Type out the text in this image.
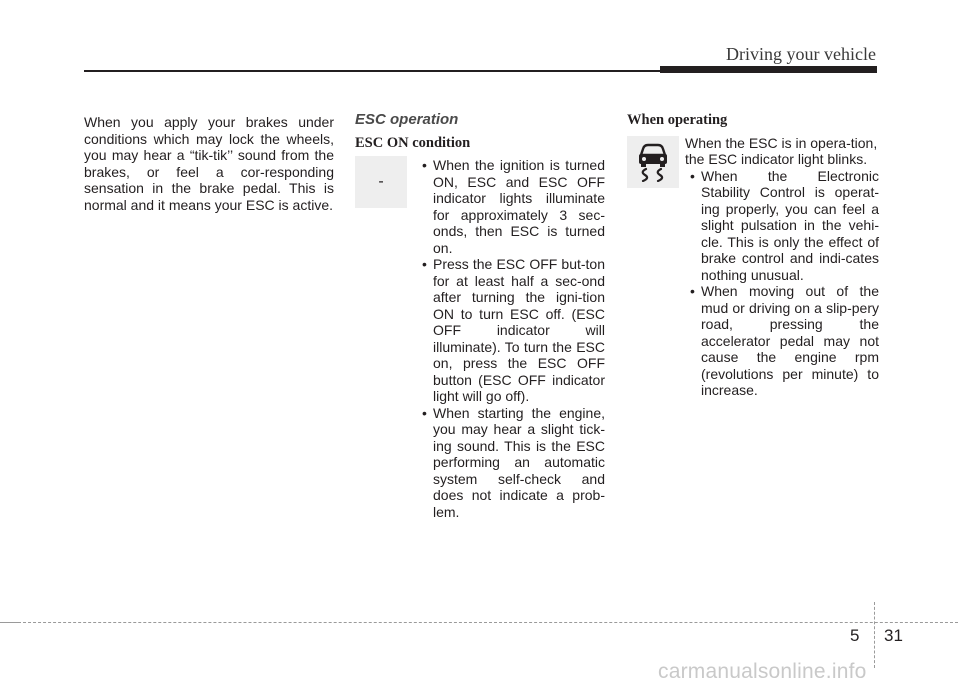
Driving your vehicle

When you apply your brakes under conditions which may lock the wheels, you may hear a “tik-tik’’ sound from the brakes, or feel a cor-responding sensation in the brake pedal. This is normal and it means your ESC is active.

ESC operation
ESC ON condition
-
• When the ignition is turned ON, ESC and ESC OFF indicator lights illuminate for approximately 3 sec-onds, then ESC is turned on.
• Press the ESC OFF but-ton for at least half a sec-ond after turning the igni-tion ON to turn ESC off. (ESC OFF indicator will illuminate). To turn the ESC on, press the ESC OFF button (ESC OFF indicator light will go off).
• When starting the engine, you may hear a slight tick-ing sound. This is the ESC performing an automatic system self-check and does not indicate a prob-lem.
When operating

When the ESC is in opera-tion, the ESC indicator light blinks.

• When the Electronic Stability Control is operat-ing properly, you can feel a slight pulsation in the vehi-cle. This is only the effect of brake control and indi-cates nothing unusual.
• When moving out of the mud or driving on a slip-pery road, pressing the accelerator pedal may not cause the engine rpm (revolutions per minute) to increase.
5 31
carmanualsonline.info
